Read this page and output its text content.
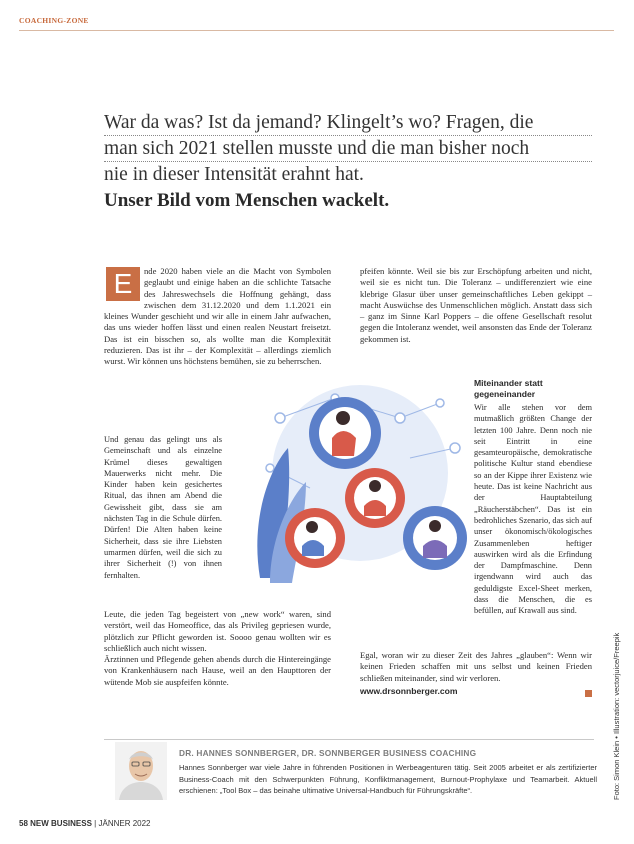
COACHING-ZONE
War da was? Ist da jemand? Klingelt’s wo? Fragen, die
man sich 2021 stellen musste und die man bisher noch
nie in dieser Intensität erahnt hat.
Unser Bild vom Menschen wackelt.
E	nde 2020 haben viele an die Macht von Symbolen geglaubt und einige haben an die schlichte Tatsache des Jahreswechsels die Hoffnung gehängt, dass zwischen dem 31.12.2020 und dem 1.1.2021 ein kleines Wunder geschieht und wir alle in einem Jahr aufwachen, das uns wieder hoffen lässt und einen realen Neustart freisetzt. Das ist ein bisschen so, als wollte man die Komplexität reduzieren. Das ist ihr – der Komplexität – allerdings ziemlich wurst. Wir können uns höchstens bemühen, sie zu beherrschen.
Und genau das gelingt uns als Gemeinschaft und als einzelne Krümel dieses gewaltigen Mauerwerks nicht mehr. Die Kinder haben kein gesichertes Ritual, das ihnen am Abend die Gewissheit gibt, dass sie am nächsten Tag in die Schule dürfen. Dürfen! Die Alten haben keine Sicherheit, dass sie ihre Liebsten umarmen dürfen, weil die sich zu ihrer Sicherheit (!) von ihnen fernhalten.

Leute, die jeden Tag begeistert von „new work“ waren, sind verstört, weil das Homeoffice, das als Privileg gepriesen wurde, plötzlich zur Pflicht geworden ist. Soooo genau wollten wir es schließlich auch nicht wissen.

Ärztinnen und Pflegende gehen abends durch die Hintereingänge von Krankenhäusern nach Hause, weil an den Haupttoren der wütende Mob sie auspfeifen könnte.

pfeifen könnte. Weil sie bis zur Erschöpfung arbeiten und nicht, weil sie es nicht tun. Die Toleranz – undifferenziert wie eine klebrige Glasur über unser gemeinschaftliches Leben gekippt – macht Auswüchse des Unmenschlichen möglich. Anstatt dass sich – ganz im Sinne Karl Poppers – die offene Gesellschaft resolut gegen die Intoleranz wendet, weil ansonsten das Ende der Toleranz gekommen ist.
Miteinander statt
gegeneinander
Wir alle stehen vor dem mutmaßlich größten Change der letzten 100 Jahre. Denn noch nie seit Eintritt in eine gesamteuropäische, demokratische politische Kultur stand ebendiese so an der Kippe ihrer Existenz wie heute. Das ist keine Nachricht aus der Hauptabteilung „Räucherstäbchen“. Das ist ein bedrohliches Szenario, das sich auf unser ökonomisch/ökologisches Zusammenleben heftiger auswirken wird als die Erfindung der Dampfmaschine. Denn irgendwann wird auch das geduldigste Excel-Sheet merken, dass die Menschen, die es befüllen, auf Krawall aus sind.

Egal, woran wir zu dieser Zeit des Jahres „glauben“: Wenn wir keinen Frieden schaffen mit uns selbst und keinen Frieden schließen miteinander, sind wir verloren.

www.drsonnberger.com	Foto: Simon Klein • Illustration: vectorjuice/Freepik
DR. HANNES SONNBERGER, DR. SONNBERGER BUSINESS COACHING
Hannes Sonnberger war viele Jahre in führenden Positionen in Werbeagenturen tätig. Seit 2005 arbeitet er als zertifizierter Business-Coach mit den Schwerpunkten Führung, Konfliktmanagement, Burnout-Prophylaxe und Teamarbeit. Aktuell erschienen: „Tool Box – das beinahe ultimative Universal-Handbuch für Führungskräfte“.
58 NEW BUSINESS | JÄNNER 2022
